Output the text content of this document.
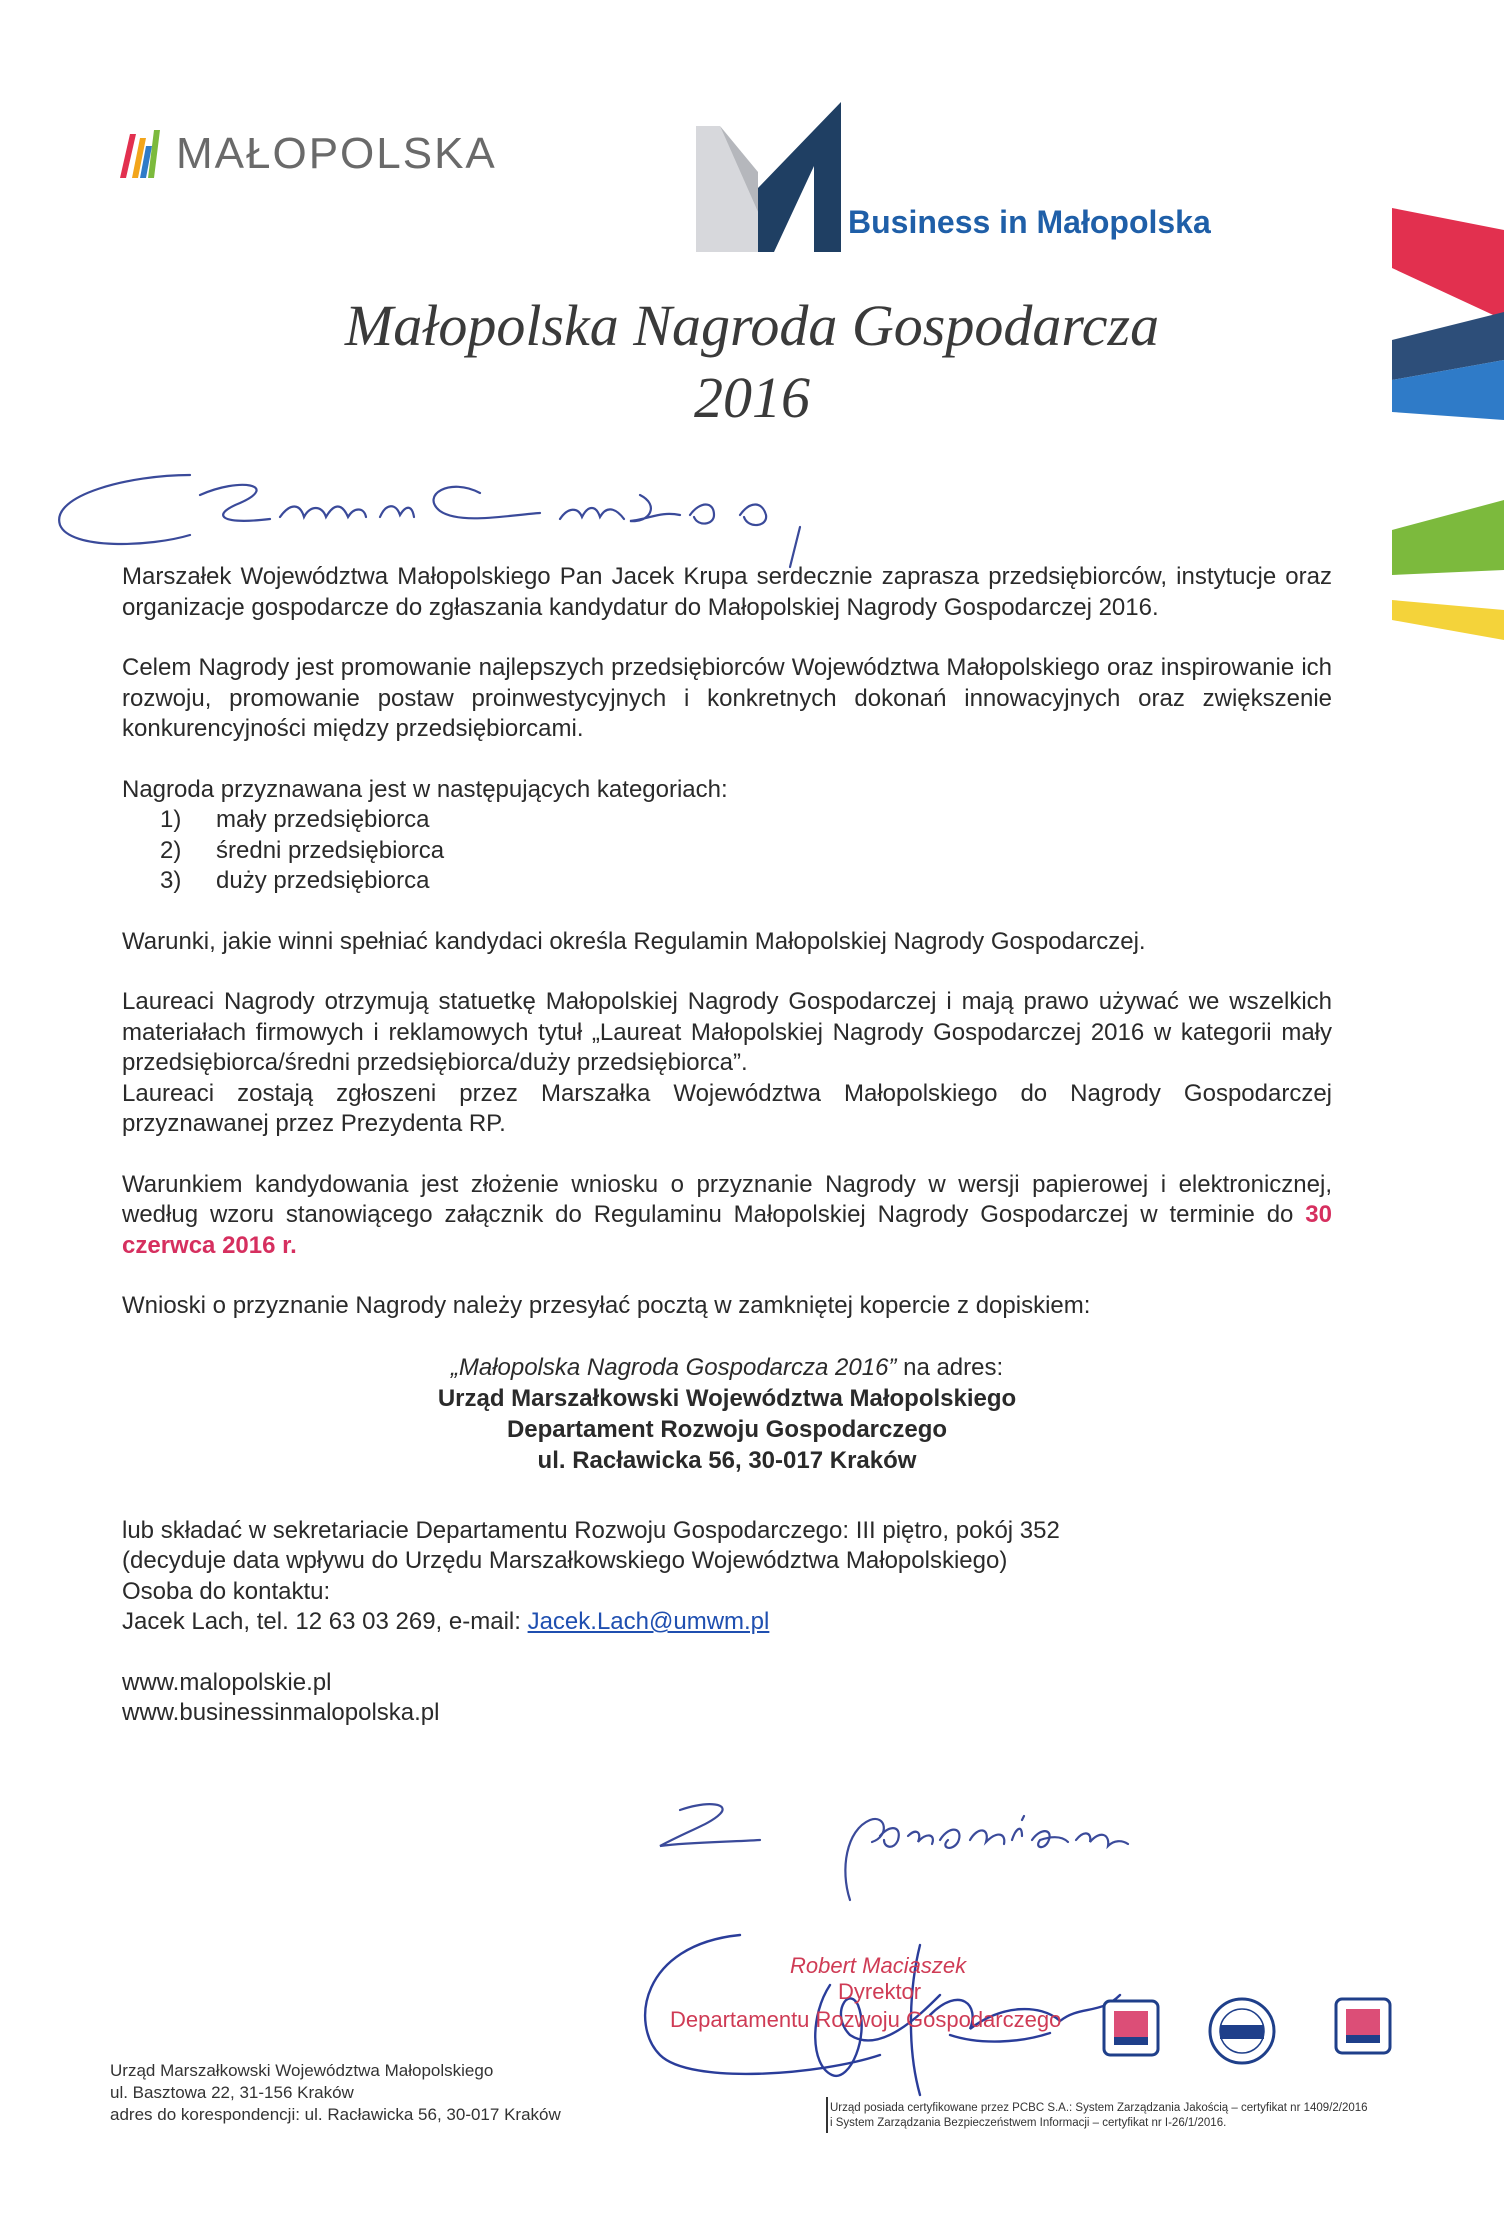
MAŁOPOLSKA
Business in Małopolska
Małopolska Nagroda Gospodarcza
2016

Marszałek Województwa Małopolskiego Pan Jacek Krupa serdecznie zaprasza przedsiębiorców, instytucje oraz organizacje gospodarcze do zgłaszania kandydatur do Małopolskiej Nagrody Gospodarczej 2016.

Celem Nagrody jest promowanie najlepszych przedsiębiorców Województwa Małopolskiego oraz inspirowanie ich rozwoju, promowanie postaw proinwestycyjnych i konkretnych dokonań innowacyjnych oraz zwiększenie konkurencyjności między przedsiębiorcami.

Nagroda przyznawana jest w następujących kategoriach:

1)	mały przedsiębiorca
2)	średni przedsiębiorca
3)	duży przedsiębiorca

Warunki, jakie winni spełniać kandydaci określa Regulamin Małopolskiej Nagrody Gospodarczej.

Laureaci Nagrody otrzymują statuetkę Małopolskiej Nagrody Gospodarczej i mają prawo używać we wszelkich materiałach firmowych i reklamowych tytuł „Laureat Małopolskiej Nagrody Gospodarczej 2016 w kategorii mały przedsiębiorca/średni przedsiębiorca/duży przedsiębiorca”.

Laureaci zostają zgłoszeni przez Marszałka Województwa Małopolskiego do Nagrody Gospodarczej przyznawanej przez Prezydenta RP.

Warunkiem kandydowania jest złożenie wniosku o przyznanie Nagrody w wersji papierowej i elektronicznej, według wzoru stanowiącego załącznik do Regulaminu Małopolskiej Nagrody Gospodarczej w terminie do 30 czerwca 2016 r.

Wnioski o przyznanie Nagrody należy przesyłać pocztą w zamkniętej kopercie z dopiskiem:

„Małopolska Nagroda Gospodarcza 2016” na adres:
Urząd Marszałkowski Województwa Małopolskiego
Departament Rozwoju Gospodarczego
ul. Racławicka 56, 30-017 Kraków
lub składać w sekretariacie Departamentu Rozwoju Gospodarczego: III piętro, pokój 352
(decyduje data wpływu do Urzędu Marszałkowskiego Województwa Małopolskiego)
Osoba do kontaktu:
Jacek Lach, tel. 12 63 03 269, e-mail: Jacek.Lach@umwm.pl
www.malopolskie.pl
www.businessinmalopolska.pl
Robert Maciaszek
Dyrektor
Departamentu Rozwoju Gospodarczego
Urząd Marszałkowski Województwa Małopolskiego
ul. Basztowa 22, 31-156 Kraków
adres do korespondencji: ul. Racławicka 56, 30-017 Kraków	Urząd posiada certyfikowane przez PCBC S.A.: System Zarządzania Jakością – certyfikat nr 1409/2/2016
i System Zarządzania Bezpieczeństwem Informacji – certyfikat nr I-26/1/2016.
